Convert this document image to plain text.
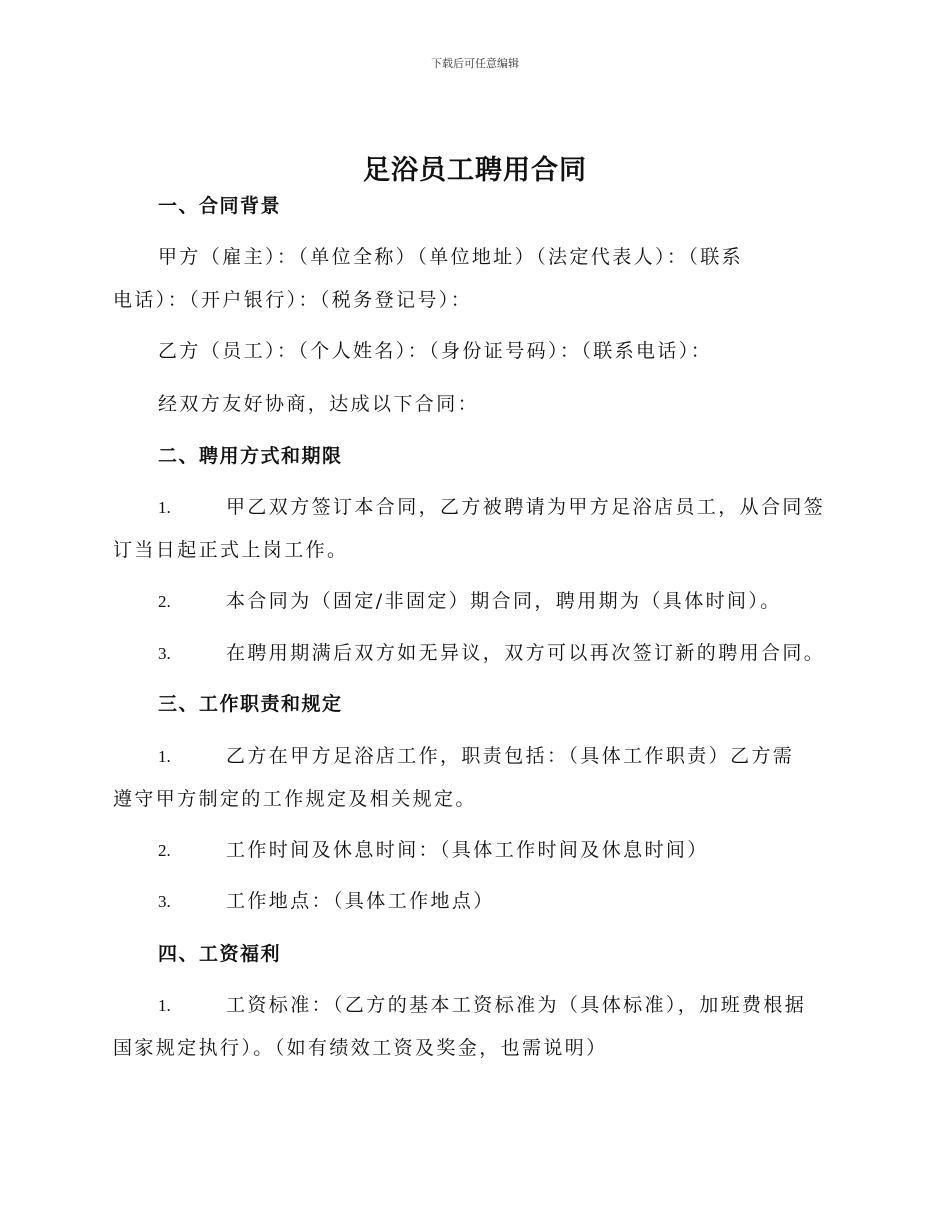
下载后可任意编辑
足浴员工聘用合同
一、合同背景
甲方（雇主）：（单位全称）（单位地址）（法定代表人）：（联系
电话）：（开户银行）：（税务登记号）：
乙方（员工）：（个人姓名）：（身份证号码）：（联系电话）：
经双方友好协商，达成以下合同：
二、聘用方式和期限
1.	甲乙双方签订本合同，乙方被聘请为甲方足浴店员工，从合同签
订当日起正式上岗工作。
2.	本合同为（固定/非固定）期合同，聘用期为（具体时间）。
3.	在聘用期满后双方如无异议，双方可以再次签订新的聘用合同。
三、工作职责和规定
1.	乙方在甲方足浴店工作，职责包括：（具体工作职责）乙方需
遵守甲方制定的工作规定及相关规定。
2.	工作时间及休息时间：（具体工作时间及休息时间）
3.	工作地点：（具体工作地点）
四、工资福利
1.	工资标准：（乙方的基本工资标准为（具体标准），加班费根据
国家规定执行）。（如有绩效工资及奖金，也需说明）
